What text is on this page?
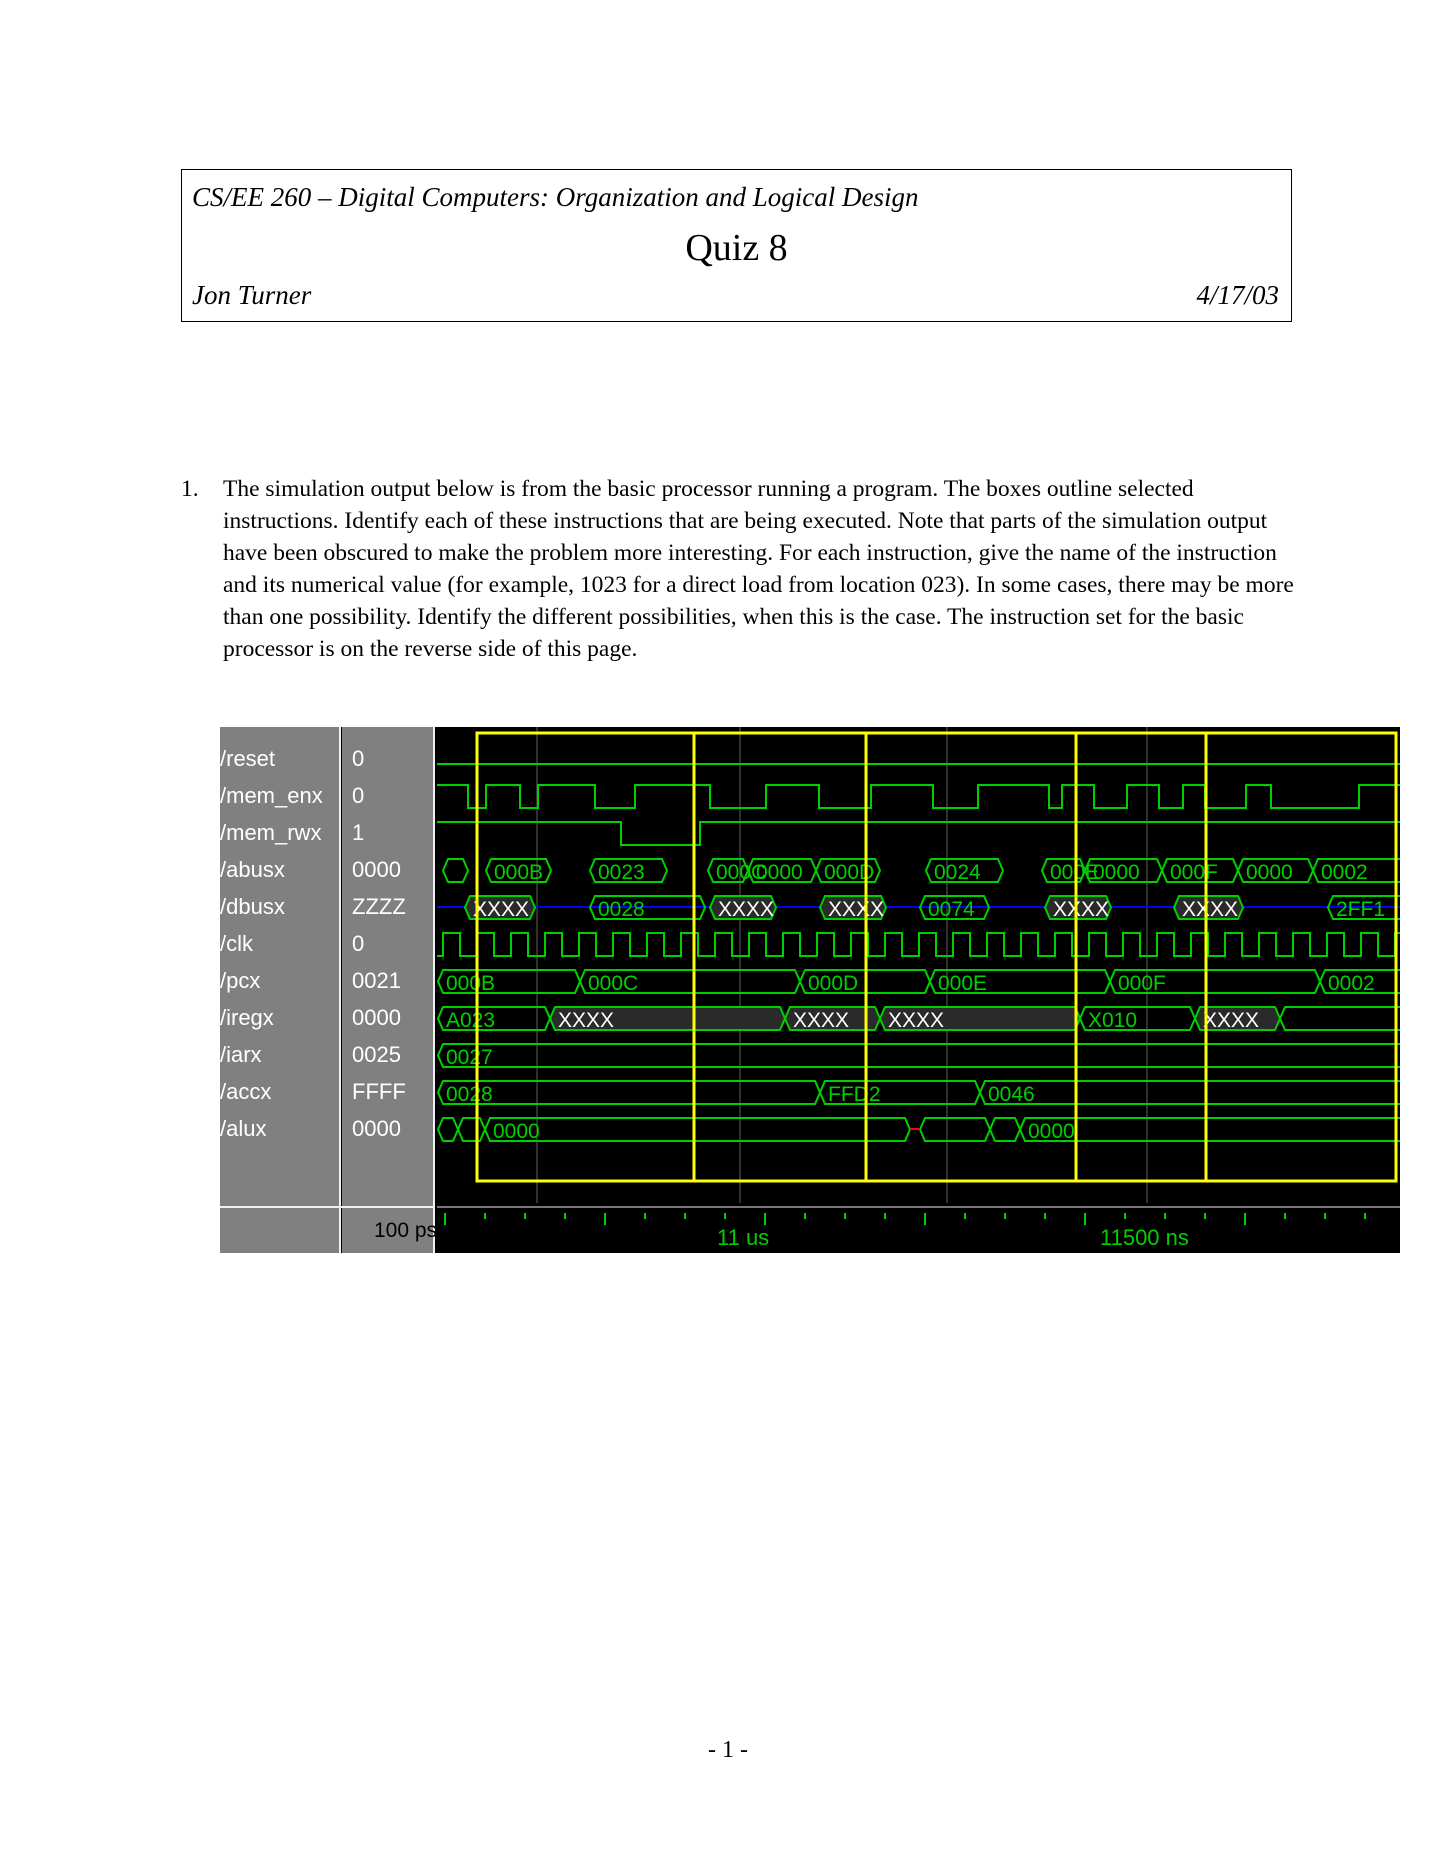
CS/EE 260 – Digital Computers: Organization and Logical Design
Quiz 8
Jon Turner	4/17/03
1. The simulation output below is from the basic processor running a program. The boxes outline selected instructions. Identify each of these instructions that are being executed. Note that parts of the simulation output have been obscured to make the problem more interesting. For each instruction, give the name of the instruction and its numerical value (for example, 1023 for a direct load from location 023). In some cases, there may be more than one possibility. Identify the different possibilities, when this is the case. The instruction set for the basic processor is on the reverse side of this page.
/reset	0
/mem_enx 0
/mem_rwx 1
/abusx	0000
/dbusx	ZZZZ
/clk	0
/pcx	0021
/iregx	0000
/iarx	0025
/accx	FFFF
/alux	0000
000B	0023	000C
0000 000D	0024	000E
0000 000F 0000 0002
XXXX	0028	XXXX	XXXX 0074	XXXX	XXXX	2FF1
000B	000C	000D	000E	000F	0002
A023	XXXX	XXXX XXXX	X010	XXXX
0027
0028	FFD2	0046
0000	0000
100 ps	11 us	11500 ns
- 1 -
